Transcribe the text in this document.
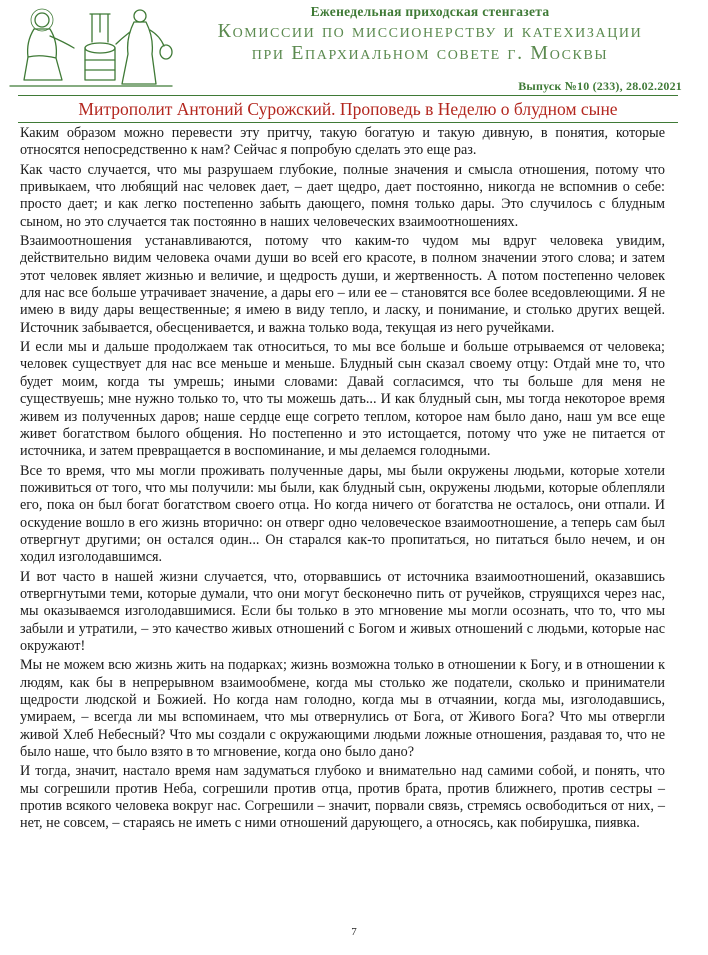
Еженедельная приходская стенгазета
Комиссии по миссионерству и катехизации
при Епархиальном совете г. Москвы
Выпуск №10 (233), 28.02.2021
Митрополит Антоний Сурожский. Проповедь в Неделю о блудном сыне

Каким образом можно перевести эту притчу, такую богатую и такую дивную, в понятия, которые относятся непосредственно к нам? Сейчас я попробую сделать это еще раз.

Как часто случается, что мы разрушаем глубокие, полные значения и смысла отношения, потому что привыкаем, что любящий нас человек дает, – дает щедро, дает постоянно, никогда не вспомнив о себе: просто дает; и как легко постепенно забыть дающего, помня только дары. Это случилось с блудным сыном, но это случается так постоянно в наших человеческих взаимоотношениях.

Взаимоотношения устанавливаются, потому что каким-то чудом мы вдруг человека увидим, действительно видим человека очами души во всей его красоте, в полном значении этого слова; и затем этот человек являет жизнью и величие, и щедрость души, и жертвенность. А потом постепенно человек для нас все больше утрачивает значение, а дары его – или ее – становятся все более вседовлеющими. Я не имею в виду дары вещественные; я имею в виду тепло, и ласку, и понимание, и столько других вещей. Источник забывается, обесценивается, и важна только вода, текущая из него ручейками.

И если мы и дальше продолжаем так относиться, то мы все больше и больше отрываемся от человека; человек существует для нас все меньше и меньше. Блудный сын сказал своему отцу: Отдай мне то, что будет моим, когда ты умрешь; иными словами: Давай согласимся, что ты больше для меня не существуешь; мне нужно только то, что ты можешь дать... И как блудный сын, мы тогда некоторое время живем из полученных даров; наше сердце еще согрето теплом, которое нам было дано, наш ум все еще живет богатством былого общения. Но постепенно и это истощается, потому что уже не питается от источника, и затем превращается в воспоминание, и мы делаемся голодными.

Все то время, что мы могли проживать полученные дары, мы были окружены людьми, которые хотели поживиться от того, что мы получили: мы были, как блудный сын, окружены людьми, которые облепляли его, пока он был богат богатством своего отца. Но когда ничего от богатства не осталось, они отпали. И оскудение вошло в его жизнь вторично: он отверг одно человеческое взаимоотношение, а теперь сам был отвергнут другими; он остался один... Он старался как-то пропитаться, но питаться было нечем, и он ходил изголодавшимся.

И вот часто в нашей жизни случается, что, оторвавшись от источника взаимоотношений, оказавшись отвергнутыми теми, которые думали, что они могут бесконечно пить от ручейков, струящихся через нас, мы оказываемся изголодавшимися. Если бы только в это мгновение мы могли осознать, что то, что мы забыли и утратили, – это качество живых отношений с Богом и живых отношений с людьми, которые нас окружают!

Мы не можем всю жизнь жить на подарках; жизнь возможна только в отношении к Богу, и в отношении к людям, как бы в непрерывном взаимообмене, когда мы столько же податели, сколько и приниматели щедрости людской и Божией. Но когда нам голодно, когда мы в отчаянии, когда мы, изголодавшись, умираем, – всегда ли мы вспоминаем, что мы отвернулись от Бога, от Живого Бога? Что мы отвергли живой Хлеб Небесный? Что мы создали с окружающими людьми ложные отношения, раздавая то, что не было наше, что было взято в то мгновение, когда оно было дано?

И тогда, значит, настало время нам задуматься глубоко и внимательно над самими собой, и понять, что мы согрешили против Неба, согрешили против отца, против брата, против ближнего, против сестры – против всякого человека вокруг нас. Согрешили – значит, порвали связь, стремясь освободиться от них, – нет, не совсем, – стараясь не иметь с ними отношений дарующего, а относясь, как побирушка, пиявка.

7
